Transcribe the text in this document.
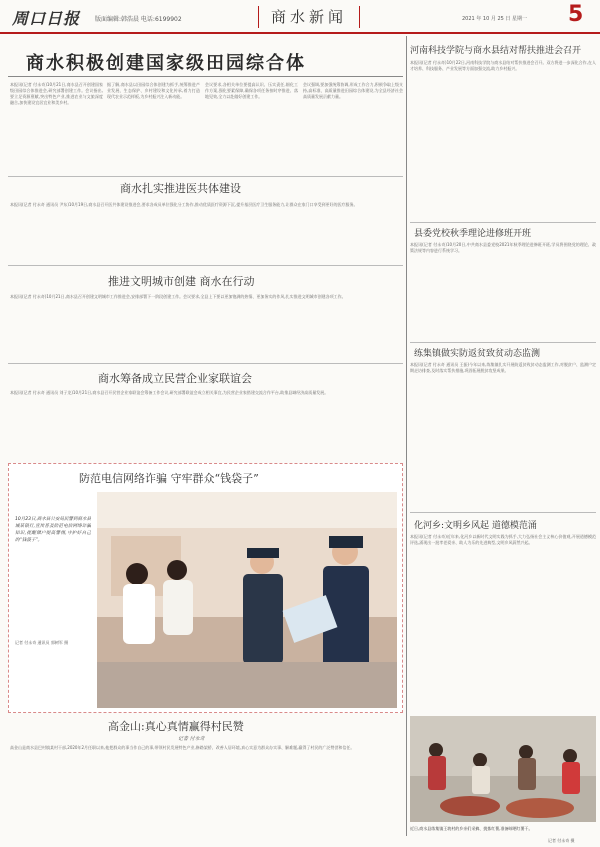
周口日报 版面编辑:韩浩晨 电话:6199902	商水新闻	2021 年 10 月 25 日 星期一 5
商水积极创建国家级田园综合体
本报讯(记者 付永奇)10月21日,商水县召开创建国家级田园综合体推进会,研究部署创建工作。会议指出,要立足资源禀赋,突出特色产业,推进农业与文旅深度融合,加快建设宜居宜业和美乡村。
据了解,商水县以田园综合体创建为抓手,统筹推进产业发展、生态保护、乡村建设和文化传承,着力打造现代农业示范样板,为乡村振兴注入新动能。
会议要求,各相关单位要提高认识、压实责任,细化工作方案,强化要素保障,确保各项任务按时序推进、落地见效,全力以赴做好创建工作。
会议强调,要加强统筹协调,形成工作合力,积极争取上级支持,高标准、高质量推进田园综合体建设,为全县经济社会高质量发展贡献力量。
商水扎实推进医共体建设
本报讯(记者 付永奇 通讯员 尹东)10月19日,商水县召开医共体建设推进会,要求各成员单位强化分工协作,推动优质医疗资源下沉,提升基层医疗卫生服务能力,让群众在家门口享受到更好的医疗服务。
推进文明城市创建 商水在行动
本报讯(记者 付永奇)10月21日,商水县召开创建文明城市工作推进会,安排部署下一阶段创建工作。会议要求,全县上下要以更加饱满的热情、更加务实的作风,扎实推进文明城市创建各项工作。
商水筹备成立民营企业家联谊会
本报讯(记者 付永奇 通讯员 刘子龙)10月21日,商水县召开民营企业家联谊会筹备工作会议,研究部署联谊会成立相关事宜,为民营企业家搭建交流合作平台,助推县域经济高质量发展。
防范电信网络诈骗 守牢群众“钱袋子”
10月23日,商水县公安局民警到商水县城某银行,宣传普及防范电信网络诈骗知识,提醒储户提高警惕,守护好自己的“钱袋子”。
记者 付永奇 通讯员 郭树军 摄
高金山:真心真情赢得村民赞
记者 付永奇
高金山是商水县巴村镇某村干部,2020年2月任职以来,他把群众的事当作自己的事,带领村民发展特色产业,修路架桥、改善人居环境,真心实意为群众办实事、解难题,赢得了村民的广泛赞誉和信任。
河南科技学院与商水县结对帮扶推进会召开
本报讯(记者 付永奇)10月22日,河南科技学院与商水县结对帮扶推进会召开。双方将进一步深化合作,在人才培养、科技服务、产业发展等方面加强交流,助力乡村振兴。
县委党校秋季理论进修班开班
本报讯(记者 付永奇)10月20日,中共商水县委党校2021年秋季理论进修班开班,学员将围绕党的理论、政策法规等内容进行系统学习。
练集镇做实防返贫致贫动态监测
本报讯(记者 付永奇 通讯员 王振)今年以来,练集镇扎实开展防返贫致贫动态监测工作,对脱贫户、监测户定期走访排查,及时落实帮扶措施,巩固拓展脱贫攻坚成果。
化河乡:文明乡风起 道德模范涌
本报讯(记者 付永奇)近年来,化河乡以新时代文明实践为抓手,大力弘扬社会主义核心价值观,开展道德模范评选,涌现出一批孝老爱亲、助人为乐的先进典型,文明乡风蔚然兴起。
近日,商水县练集镇王坡村的乡亲们采摘、挑拣红薯,准备晾晒红薯干。
记者 付永奇 摄
